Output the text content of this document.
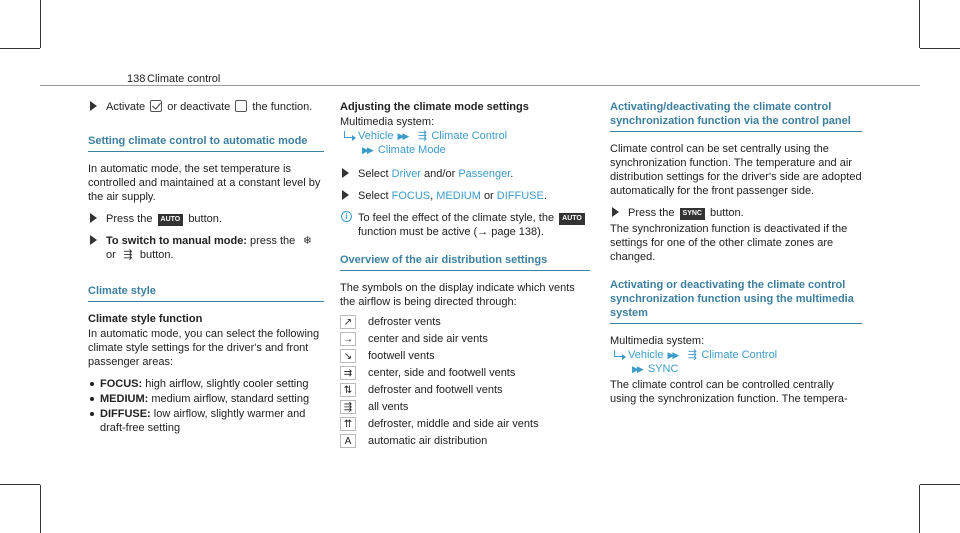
138 Climate control
Activate or deactivate the function.
Setting climate control to automatic mode

In automatic mode, the set temperature is controlled and maintained at a constant level by the air supply.

Press the AUTO button.
To switch to manual mode: press the ❄
or ⇶ button.
Climate style
Climate style function

In automatic mode, you can select the following climate style settings for the driver's and front passenger areas:

FOCUS: high airflow, slightly cooler setting
MEDIUM: medium airflow, standard setting
DIFFUSE: low airflow, slightly warmer and draft-free setting
Adjusting the climate mode settings
Multimedia system:
Vehicle ▶▶ ⇶ Climate Control
▶▶ Climate Mode
Select Driver and/or Passenger.
Select FOCUS, MEDIUM or DIFFUSE.
i To feel the effect of the climate style, the AUTO function must be active (→ page 138).
Overview of the air distribution settings

The symbols on the display indicate which vents the airflow is being directed through:

↗	defroster vents
→ center and side air vents
↘	footwell vents
⇉	center, side and footwell vents
⇅	defroster and footwell vents
⇶	all vents
⇈	defroster, middle and side air vents
A	automatic air distribution
Activating/deactivating the climate control synchronization function via the control panel

Climate control can be set centrally using the synchronization function. The temperature and air distribution settings for the driver's side are adopted automatically for the front passenger side.

Press the SYNC button.

The synchronization function is deactivated if the settings for one of the other climate zones are changed.

Activating or deactivating the climate control synchronization function using the multimedia system
Multimedia system:
Vehicle ▶▶ ⇶ Climate Control
▶▶ SYNC

The climate control can be controlled centrally using the synchronization function. The tempera-
